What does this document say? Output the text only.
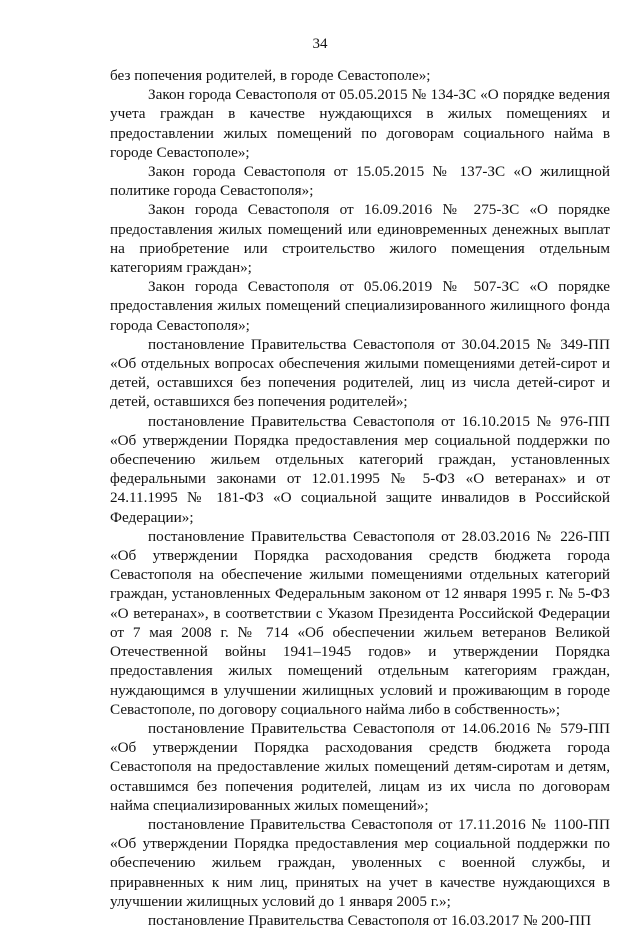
34

без попечения родителей, в городе Севастополе»;

Закон города Севастополя от 05.05.2015 № 134-ЗС «О порядке ведения учета граждан в качестве нуждающихся в жилых помещениях и предоставлении жилых помещений по договорам социального найма в городе Севастополе»;

Закон города Севастополя от 15.05.2015 № 137-ЗС «О жилищной политике города Севастополя»;

Закон города Севастополя от 16.09.2016 № 275-ЗС «О порядке предоставления жилых помещений или единовременных денежных выплат на приобретение или строительство жилого помещения отдельным категориям граждан»;

Закон города Севастополя от 05.06.2019 № 507-ЗС «О порядке предоставления жилых помещений специализированного жилищного фонда города Севастополя»;

постановление Правительства Севастополя от 30.04.2015 № 349-ПП «Об отдельных вопросах обеспечения жилыми помещениями детей-сирот и детей, оставшихся без попечения родителей, лиц из числа детей-сирот и детей, оставшихся без попечения родителей»;

постановление Правительства Севастополя от 16.10.2015 № 976-ПП «Об утверждении Порядка предоставления мер социальной поддержки по обеспечению жильем отдельных категорий граждан, установленных федеральными законами от 12.01.1995 № 5-ФЗ «О ветеранах» и от 24.11.1995 № 181-ФЗ «О социальной защите инвалидов в Российской Федерации»;

постановление Правительства Севастополя от 28.03.2016 № 226-ПП «Об утверждении Порядка расходования средств бюджета города Севастополя на обеспечение жилыми помещениями отдельных категорий граждан, установленных Федеральным законом от 12 января 1995 г. № 5-ФЗ «О ветеранах», в соответствии с Указом Президента Российской Федерации от 7 мая 2008 г. № 714 «Об обеспечении жильем ветеранов Великой Отечественной войны 1941–1945 годов» и утверждении Порядка предоставления жилых помещений отдельным категориям граждан, нуждающимся в улучшении жилищных условий и проживающим в городе Севастополе, по договору социального найма либо в собственность»;

постановление Правительства Севастополя от 14.06.2016 № 579-ПП «Об утверждении Порядка расходования средств бюджета города Севастополя на предоставление жилых помещений детям-сиротам и детям, оставшимся без попечения родителей, лицам из их числа по договорам найма специализированных жилых помещений»;

постановление Правительства Севастополя от 17.11.2016 № 1100-ПП «Об утверждении Порядка предоставления мер социальной поддержки по обеспечению жильем граждан, уволенных с военной службы, и приравненных к ним лиц, принятых на учет в качестве нуждающихся в улучшении жилищных условий до 1 января 2005 г.»;

постановление Правительства Севастополя от 16.03.2017 № 200-ПП
